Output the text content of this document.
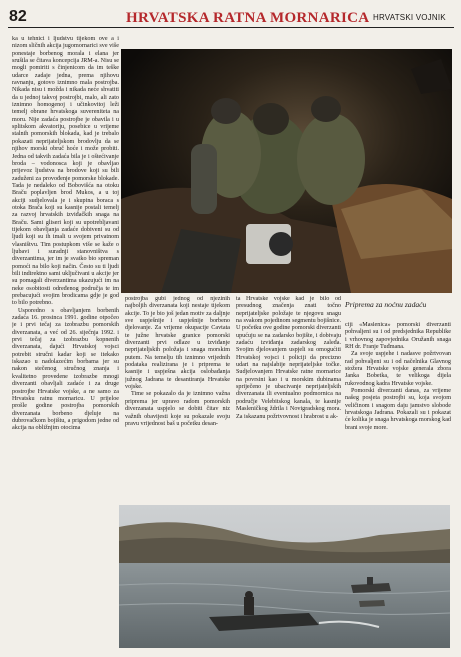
82	HRVATSKA RATNA MORNARICA HRVATSKI VOJNIK

ka u tehnici i ljudstvu tijekom ove a i nizom sličnih akcija jugomornarici sve više ponestaje borbenog morala i elana jer srušila se čitava koncepcija JRM-a. Nisu se mogli pomiriti s činjenicom da im teške udarce zadaje jedna, prema njihovu ravnanju, gotovo iznimno mala postrojba. Nikada nisu i možda i nikada neće shvatiti da u jednoj takvoj postrojbi, malo, ali zato iznimno homogenoj i učinkovitoj leži temelj obrane hrvatskoga suvereniteta na moru. Nije zadaća postrojbe je obavila i u splitskom akvatoriju, posebice u vrijeme stalnih pomorskih blokada, kad je trebalo pokazati neprijateljskom brodovlju da se njihov morski obruč hoće i može probiti. Jedna od takvih zadaća bila je i oštećivanje broda – vodonosca koji je obavljao prijevoz ljudstva na brodove koji su bili zaduženi za provođenje pomorske blokade. Tada je nedaleko od Bobovišća na otoku Braču poplavljen brod Mukos, a u toj akciji sudjelovala je i skupina boraca s otoka Brača koji su kasnije postali temelj za razvoj hrvatskih izviđačkih snaga na Braču. Sami gliseri koji su upotrebljavani tijekom obavljanja zadaće dobiveni su od ljudi koji su ih imali u svojem privatnom vlasništvu. Tim postupkom više se kaže o ljubavi i suradnji stanovništva s diverzantima, jer im je svatko bio spreman pomoći na bilo koji način. Često su ti ljudi bili indirektno sami uključivani u akcije jer su pomagali diverzantima ukazujući im na neke osobitosti određenog područja te im prebacujući svojim brodicama gdje je god to bilo potrebno.

Usporedno s obavljanjem borbenih zadaća 16. prosinca 1991. godine otpočeo je i prvi tečaj za izobrazbu pomorskih diverzanata, a već od 26. siječnja 1992. i prvi tečaj za izobrazbu kopnenih diverzanata, dajući Hrvatskoj vojsci potrebit stručni kadar koji se itekako iskazao u nadolazećim borbama jer su nakon stečenog stručnog znanja i kvalitetno provedene izobrazbe mnogi diverzanti obavljali zadaće i za druge postrojbe Hrvatske vojske, a ne samo za Hrvatsku ratnu mornaricu. U prijeloe prošle godine postrojba pomorskih diverzanata borbeno djeluje na dubrovačkom bojištu, a prigodom jedne od akcija na obližnjim otocima

postrojba gubi jednog od njezinih najboljih diverzanata koji nestaje tijekom akcije. To je bio još jedan motiv za daljnje sve uspješnije i uspješnije borbeno djelovanje. Za vrijeme okupacije Cavtata te južne hrvatske granice pomorski diverzanti prvi odlaze u izviđanje neprijateljskih položaja i snaga morskim putem. Na temelju tih iznimno vrijednih podataka realizirana je i priprema te kasnije i uspješna akcija oslobađanja južnog Jadrana te desantiranja Hrvatske vojske.

Time se pokazalo da je iznimno važna priprema jer upravo radom pomorskih diverzanata uspjelo se dobiti čitav niz važnih obavijesti koje su pokazale svoju pravu vrijednost baš u početku desan-

ta Hrvatske vojske kad je bilo od presudnog značenja znati točno neprijateljske položaje te njegovu snagu na svakom pojedinom segmentu bojišnice. U početku ove godine pomorski diverzanti upućuju se na zadarsko bojište, i dobivaju zadaću izviđanja zadarskog zaleđa. Svojim djelovanjem uspjeli su omogućiti Hrvatskoj vojsci i policiji da precizno udari na najslabije neprijateljske točke. Sudjelovanjem Hrvatske ratne mornarice na povrsini kao i u morskim dubinama spriječeno je ubacivanje neprijateljskih diverzanata ili eventualno podmornica na područje Velebitskog kanala, te kasnije Masleničkog ždrila i Novigradskog mora. Za iskazanu požrtvovnost i hrabrost u ak-

Priprema za noćnu zadaću

ciji «Maslenica» pomorski diverzanti pohvaljeni su i od predsjednika Republike i vrhovnog zapovjednika Oružanih snaga RH dr. Franje Tuđmana.

Za svoje uspjehe i nadasve požrtvovan rad pohvaljeni su i od načelnika Glavnog stožera Hrvatske vojske generala zbora Janka Bobetka, te velikoga dijela rukovodnog kadra Hrvatske vojske.

Pomorski diverzanti danas, za vrijeme našeg posjeta postrojbi su, koja svojom veličinom i snagom daju jamstvo slobode hrvatskoga Jadrana. Pokazali su i pokazat će kolika je snaga hrvatskoga morskog kad brani svoje more.
